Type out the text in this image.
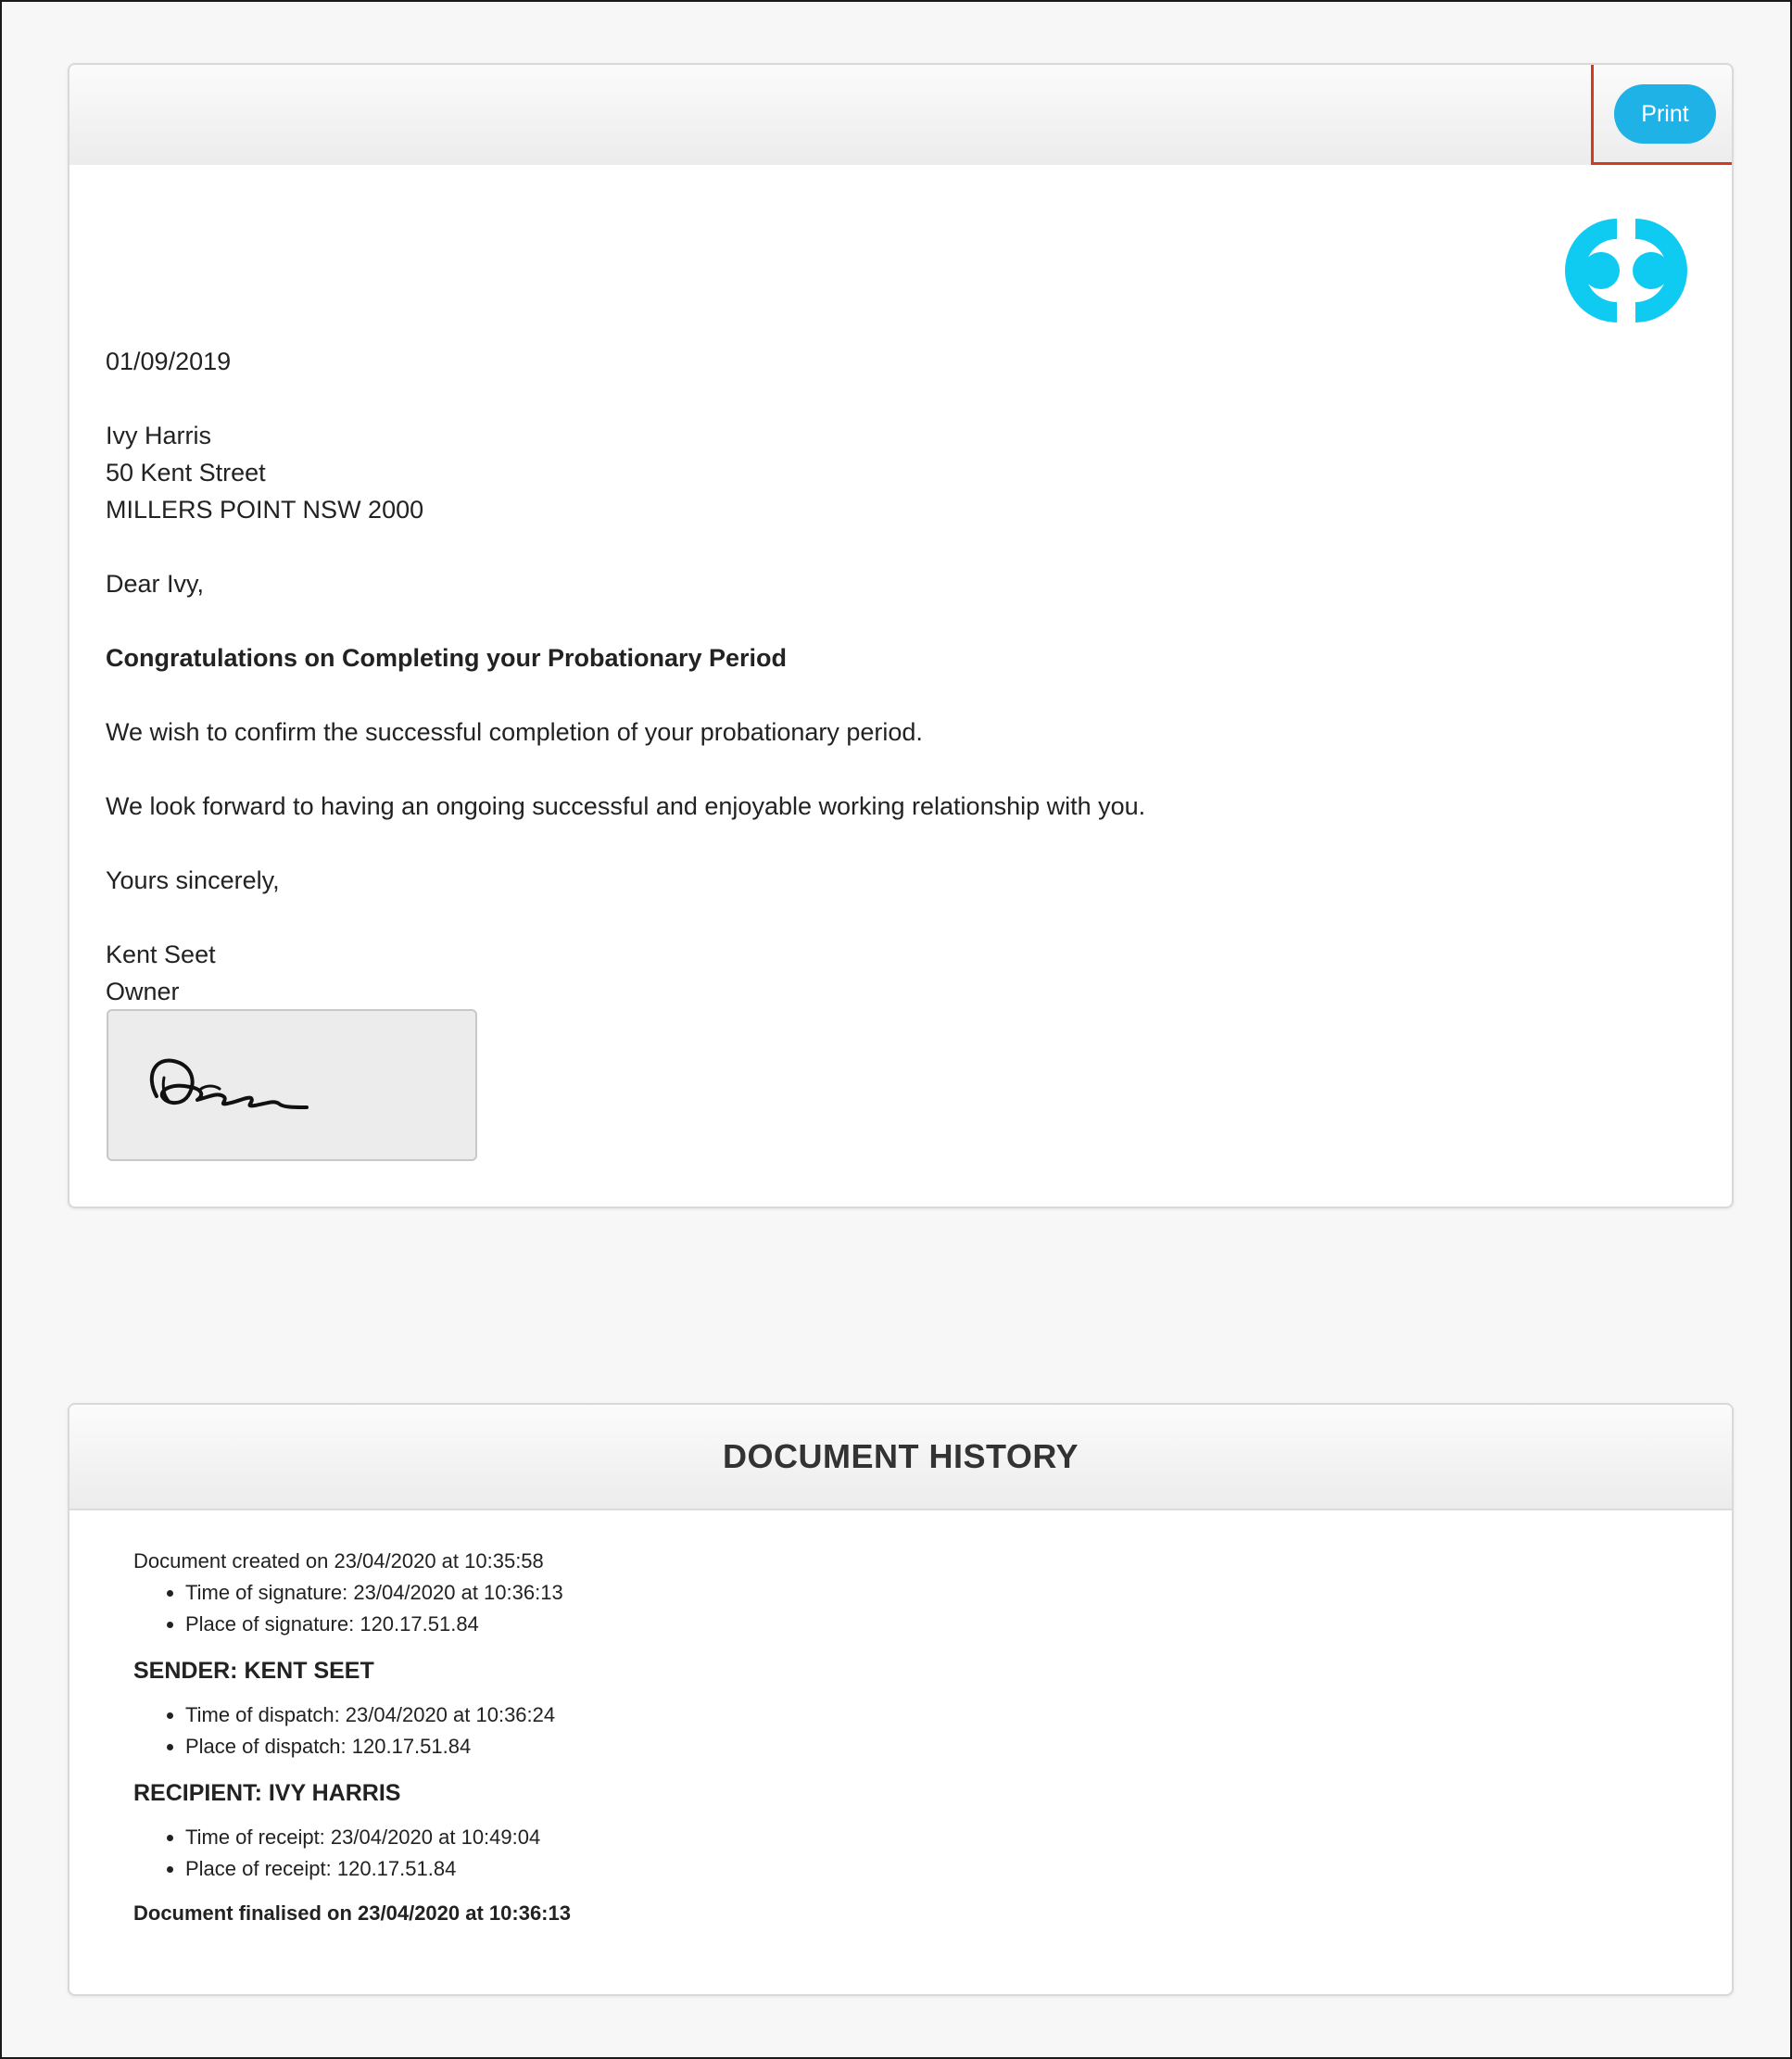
Print

01/09/2019

Ivy Harris

50 Kent Street

MILLERS POINT NSW 2000

Dear Ivy,

Congratulations on Completing your Probationary Period

We wish to confirm the successful completion of your probationary period.

We look forward to having an ongoing successful and enjoyable working relationship with you.

Yours sincerely,

Kent Seet

Owner

DOCUMENT HISTORY

Document created on 23/04/2020 at 10:35:58

• Time of signature: 23/04/2020 at 10:36:13
• Place of signature: 120.17.51.84

SENDER: KENT SEET

• Time of dispatch: 23/04/2020 at 10:36:24
• Place of dispatch: 120.17.51.84

RECIPIENT: IVY HARRIS

• Time of receipt: 23/04/2020 at 10:49:04
• Place of receipt: 120.17.51.84

Document finalised on 23/04/2020 at 10:36:13
